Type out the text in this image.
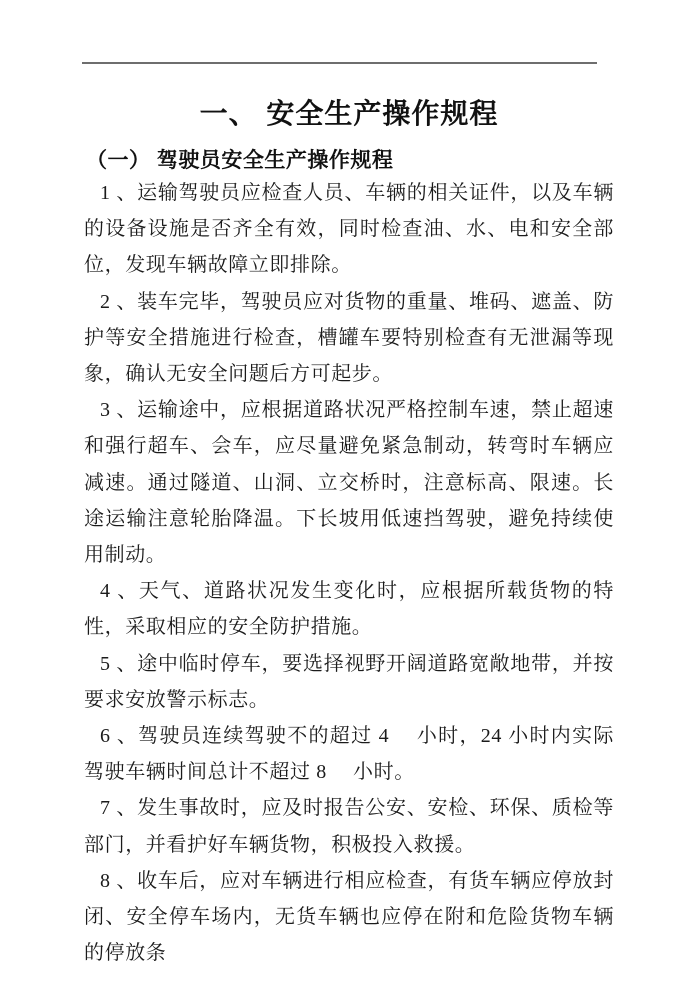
一、 安全生产操作规程
（一） 驾驶员安全生产操作规程

1 、运输驾驶员应检查人员、车辆的相关证件，以及车辆的设备设施是否齐全有效，同时检查油、水、电和安全部位，发现车辆故障立即排除。

2 、装车完毕，驾驶员应对货物的重量、堆码、遮盖、防护等安全措施进行检查，槽罐车要特别检查有无泄漏等现象，确认无安全问题后方可起步。

3 、运输途中，应根据道路状况严格控制车速，禁止超速和强行超车、会车，应尽量避免紧急制动，转弯时车辆应减速。通过隧道、山洞、立交桥时，注意标高、限速。长途运输注意轮胎降温。下长坡用低速挡驾驶，避免持续使用制动。

4 、天气、道路状况发生变化时，应根据所载货物的特性，采取相应的安全防护措施。

5 、途中临时停车，要选择视野开阔道路宽敞地带，并按要求安放警示标志。

6 、驾驶员连续驾驶不的超过 4 　小时，24 小时内实际驾驶车辆时间总计不超过 8 　小时。

7 、发生事故时，应及时报告公安、安检、环保、质检等部门，并看护好车辆货物，积极投入救援。

8 、收车后，应对车辆进行相应检查，有货车辆应停放封闭、安全停车场内，无货车辆也应停在附和危险货物车辆的停放条
